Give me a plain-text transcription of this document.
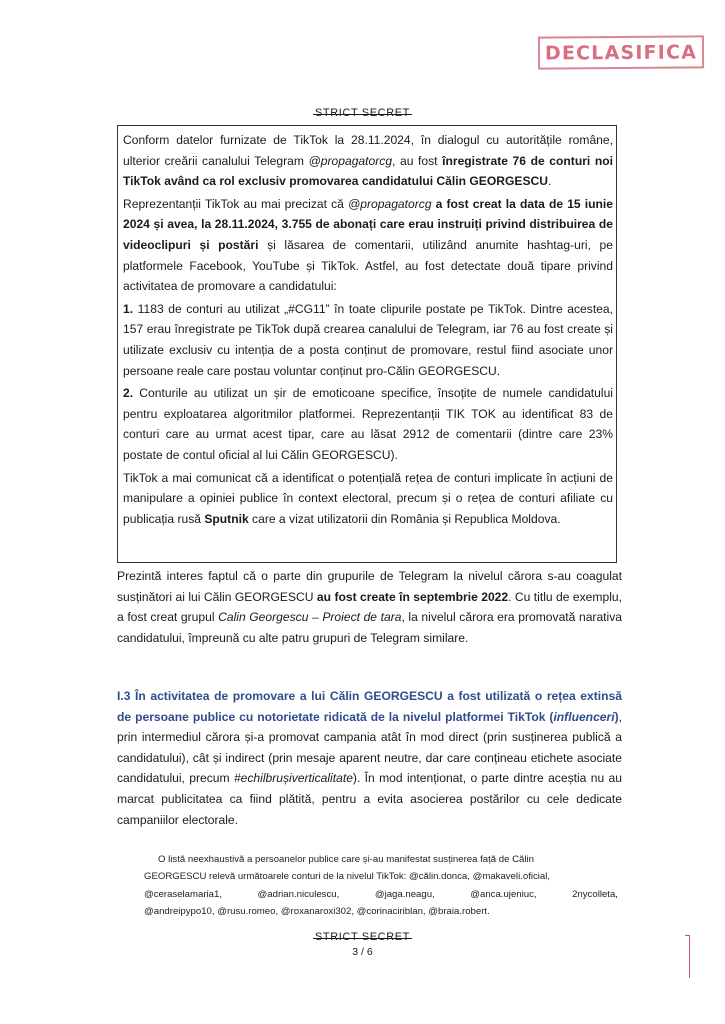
DECLASIFICA
STRICT SECRET

Conform datelor furnizate de TikTok la 28.11.2024, în dialogul cu autoritățile române, ulterior creării canalului Telegram @propagatorcg, au fost înregistrate 76 de conturi noi TikTok având ca rol exclusiv promovarea candidatului Călin GEORGESCU.

Reprezentanții TikTok au mai precizat că @propagatorcg a fost creat la data de 15 iunie 2024 și avea, la 28.11.2024, 3.755 de abonați care erau instruiți privind distribuirea de videoclipuri și postări și lăsarea de comentarii, utilizând anumite hashtag-uri, pe platformele Facebook, YouTube și TikTok. Astfel, au fost detectate două tipare privind activitatea de promovare a candidatului:

1. 1183 de conturi au utilizat „#CG11” în toate clipurile postate pe TikTok. Dintre acestea, 157 erau înregistrate pe TikTok după crearea canalului de Telegram, iar 76 au fost create și utilizate exclusiv cu intenția de a posta conținut de promovare, restul fiind asociate unor persoane reale care postau voluntar conținut pro-Călin GEORGESCU.

2. Conturile au utilizat un șir de emoticoane specifice, însoțite de numele candidatului pentru exploatarea algoritmilor platformei. Reprezentanții TIK TOK au identificat 83 de conturi care au urmat acest tipar, care au lăsat 2912 de comentarii (dintre care 23% postate de contul oficial al lui Călin GEORGESCU).

TikTok a mai comunicat că a identificat o potențială rețea de conturi implicate în acțiuni de manipulare a opiniei publice în context electoral, precum și o rețea de conturi afiliate cu publicația rusă Sputnik care a vizat utilizatorii din România și Republica Moldova.

Prezintă interes faptul că o parte din grupurile de Telegram la nivelul cărora s-au coagulat susținători ai lui Călin GEORGESCU au fost create în septembrie 2022. Cu titlu de exemplu, a fost creat grupul Calin Georgescu – Proiect de tara, la nivelul cărora era promovată narativa candidatului, împreună cu alte patru grupuri de Telegram similare.

I.3 În activitatea de promovare a lui Călin GEORGESCU a fost utilizată o rețea extinsă de persoane publice cu notorietate ridicată de la nivelul platformei TikTok (influenceri), prin intermediul cărora și-a promovat campania atât în mod direct (prin susținerea publică a candidatului), cât și indirect (prin mesaje aparent neutre, dar care conțineau etichete asociate candidatului, precum #echilbrușiverticalitate). În mod intenționat, o parte dintre aceștia nu au marcat publicitatea ca fiind plătită, pentru a evita asocierea postărilor cu cele dedicate campaniilor electorale.

O listă neexhaustivă a persoanelor publice care și-au manifestat susținerea față de Călin
GEORGESCU relevă următoarele conturi de la nivelul TikTok: @călin.donca, @makaveli.oficial,
@ceraselamaria1,	@adrian.niculescu,	@jaga.neagu,	@anca.ujeniuc,	2nycolleta,
@andreipypo10, @rusu.romeo, @roxanaroxi302, @corinaciriblan, @braia.robert.
STRICT SECRET
3 / 6
